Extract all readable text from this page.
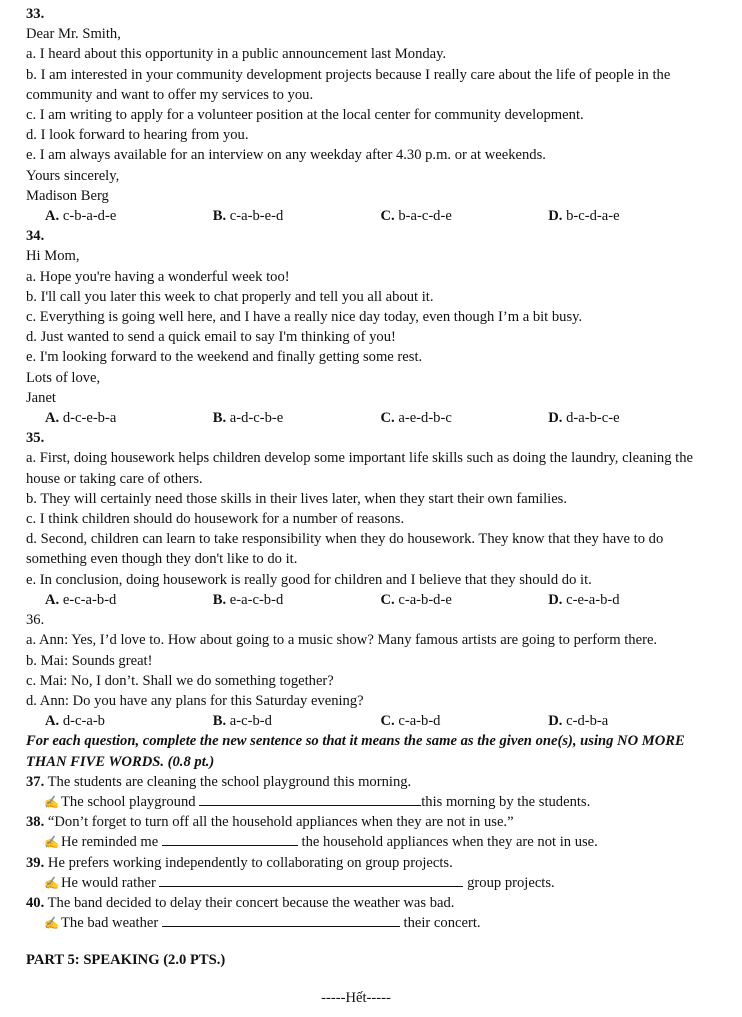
33.
Dear Mr. Smith,
a. I heard about this opportunity in a public announcement last Monday.
b. I am interested in your community development projects because I really care about the life of people in the community and want to offer my services to you.
c. I am writing to apply for a volunteer position at the local center for community development.
d. I look forward to hearing from you.
e. I am always available for an interview on any weekday after 4.30 p.m. or at weekends.
Yours sincerely,
Madison Berg
A. c-b-a-d-e	B. c-a-b-e-d	C. b-a-c-d-e	D. b-c-d-a-e
34.
Hi Mom,
a. Hope you're having a wonderful week too!
b. I'll call you later this week to chat properly and tell you all about it.
c. Everything is going well here, and I have a really nice day today, even though I’m a bit busy.
d. Just wanted to send a quick email to say I'm thinking of you!
e. I'm looking forward to the weekend and finally getting some rest.
Lots of love,
Janet
A. d-c-e-b-a	B. a-d-c-b-e	C. a-e-d-b-c	D. d-a-b-c-e
35.
a. First, doing housework helps children develop some important life skills such as doing the laundry, cleaning the house or taking care of others.
b. They will certainly need those skills in their lives later, when they start their own families.
c. I think children should do housework for a number of reasons.
d. Second, children can learn to take responsibility when they do housework. They know that they have to do something even though they don't like to do it.
e. In conclusion, doing housework is really good for children and I believe that they should do it.
A. e-c-a-b-d	B. e-a-c-b-d	C. c-a-b-d-e	D. c-e-a-b-d
36.
a. Ann: Yes, I’d love to. How about going to a music show? Many famous artists are going to perform there.
b. Mai: Sounds great!
c. Mai: No, I don’t. Shall we do something together?
d. Ann: Do you have any plans for this Saturday evening?
A. d-c-a-b	B. a-c-b-d	C. c-a-b-d	D. c-d-b-a
For each question, complete the new sentence so that it means the same as the given one(s), using NO MORE THAN FIVE WORDS. (0.8 pt.)
37. The students are cleaning the school playground this morning.
✍ The school playground	this morning by the students.
38. “Don’t forget to turn off all the household appliances when they are not in use.”
✍ He reminded me	the household appliances when they are not in use.
39. He prefers working independently to collaborating on group projects.
✍ He would rather	group projects.
40. The band decided to delay their concert because the weather was bad.
✍ The bad weather	their concert.
PART 5: SPEAKING (2.0 PTS.)
-----Hết-----
